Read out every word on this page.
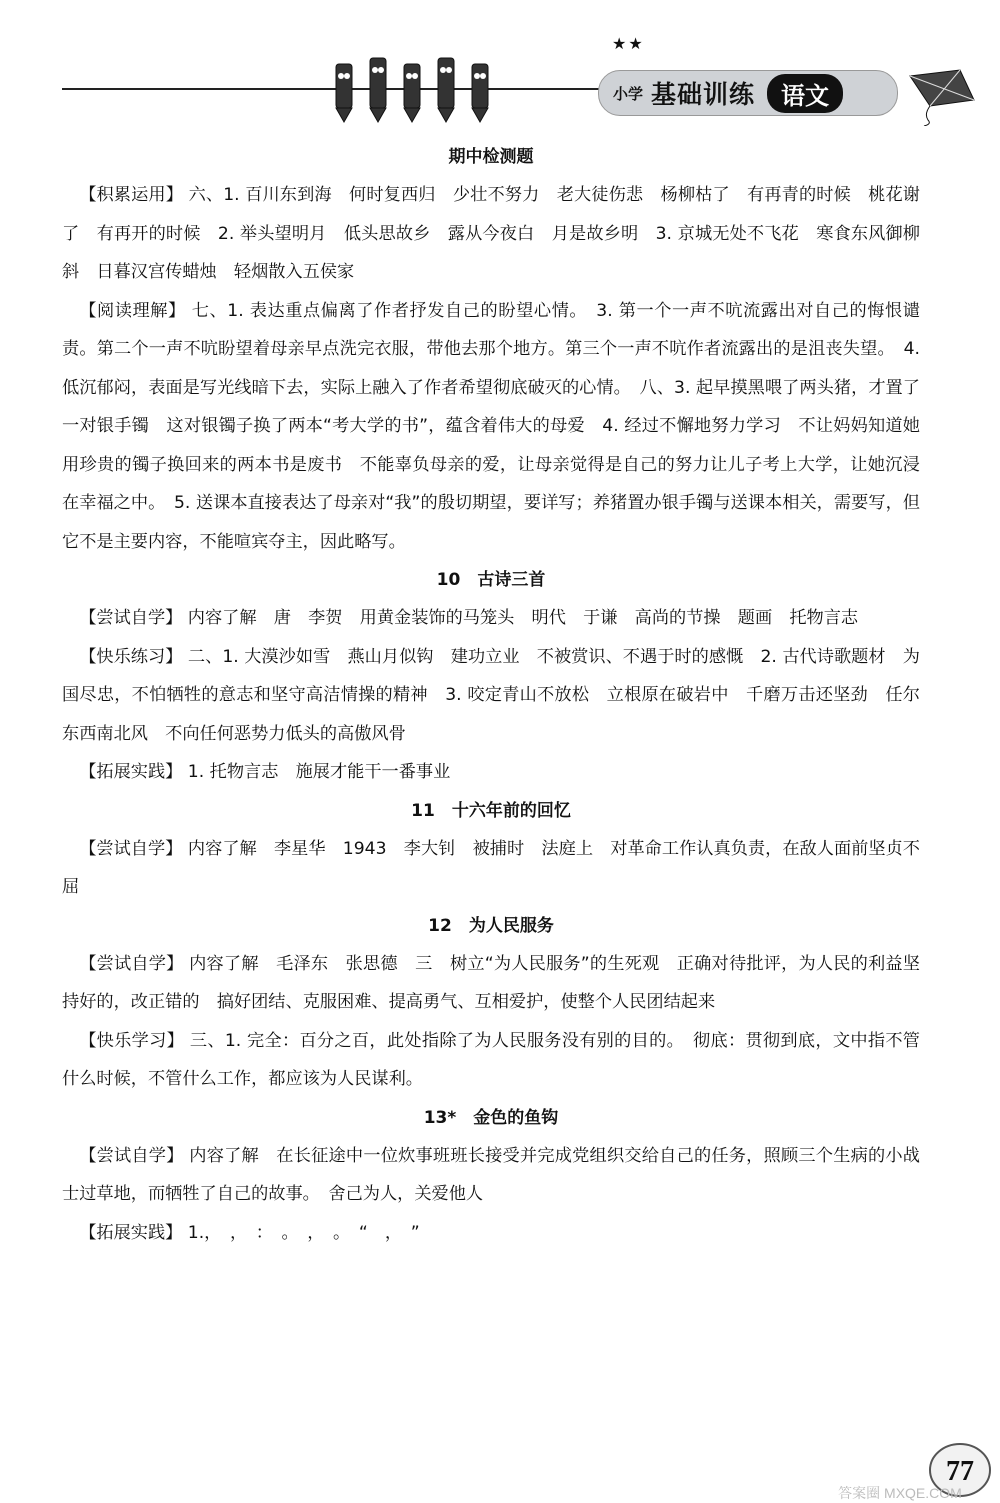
★★
小学 基础训练	语文
期中检测题

【积累运用】 六、1. 百川东到海　何时复西归　少壮不努力　老大徒伤悲　杨柳枯了　有再青的时候　桃花谢了　有再开的时候　2. 举头望明月　低头思故乡　露从今夜白　月是故乡明　3. 京城无处不飞花　寒食东风御柳斜　日暮汉宫传蜡烛　轻烟散入五侯家

【阅读理解】 七、1. 表达重点偏离了作者抒发自己的盼望心情。　3. 第一个一声不吭流露出对自己的悔恨谴责。第二个一声不吭盼望着母亲早点洗完衣服，带他去那个地方。第三个一声不吭作者流露出的是沮丧失望。　4. 低沉郁闷，表面是写光线暗下去，实际上融入了作者希望彻底破灭的心情。　八、3. 起早摸黑喂了两头猪，才置了一对银手镯　这对银镯子换了两本“考大学的书”，蕴含着伟大的母爱　4. 经过不懈地努力学习　不让妈妈知道她用珍贵的镯子换回来的两本书是废书　不能辜负母亲的爱，让母亲觉得是自己的努力让儿子考上大学，让她沉浸在幸福之中。　5. 送课本直接表达了母亲对“我”的殷切期望，要详写；养猪置办银手镯与送课本相关，需要写，但它不是主要内容，不能喧宾夺主，因此略写。

10　古诗三首

【尝试自学】 内容了解　唐　李贺　用黄金装饰的马笼头　明代　于谦　高尚的节操　题画　托物言志

【快乐练习】 二、1. 大漠沙如雪　燕山月似钩　建功立业　不被赏识、不遇于时的感慨　2. 古代诗歌题材　为国尽忠，不怕牺牲的意志和坚守高洁情操的精神　3. 咬定青山不放松　立根原在破岩中　千磨万击还坚劲　任尔东西南北风　不向任何恶势力低头的高傲风骨

【拓展实践】 1. 托物言志　施展才能干一番事业

11　十六年前的回忆

【尝试自学】 内容了解　李星华　1943　李大钊　被捕时　法庭上　对革命工作认真负责，在敌人面前坚贞不屈

12　为人民服务

【尝试自学】 内容了解　毛泽东　张思德　三　树立“为人民服务”的生死观　正确对待批评，为人民的利益坚持好的，改正错的　搞好团结、克服困难、提高勇气、互相爱护，使整个人民团结起来

【快乐学习】 三、1. 完全：百分之百，此处指除了为人民服务没有别的目的。　彻底：贯彻到底，文中指不管什么时候，不管什么工作，都应该为人民谋利。

13*　金色的鱼钩

【尝试自学】 内容了解　在长征途中一位炊事班班长接受并完成党组织交给自己的任务，照顾三个生病的小战士过草地，而牺牲了自己的故事。　舍己为人，关爱他人

【拓展实践】 1.，　，　：　。　，　。　“　，　”

77
答案圈 MXQE.COM
